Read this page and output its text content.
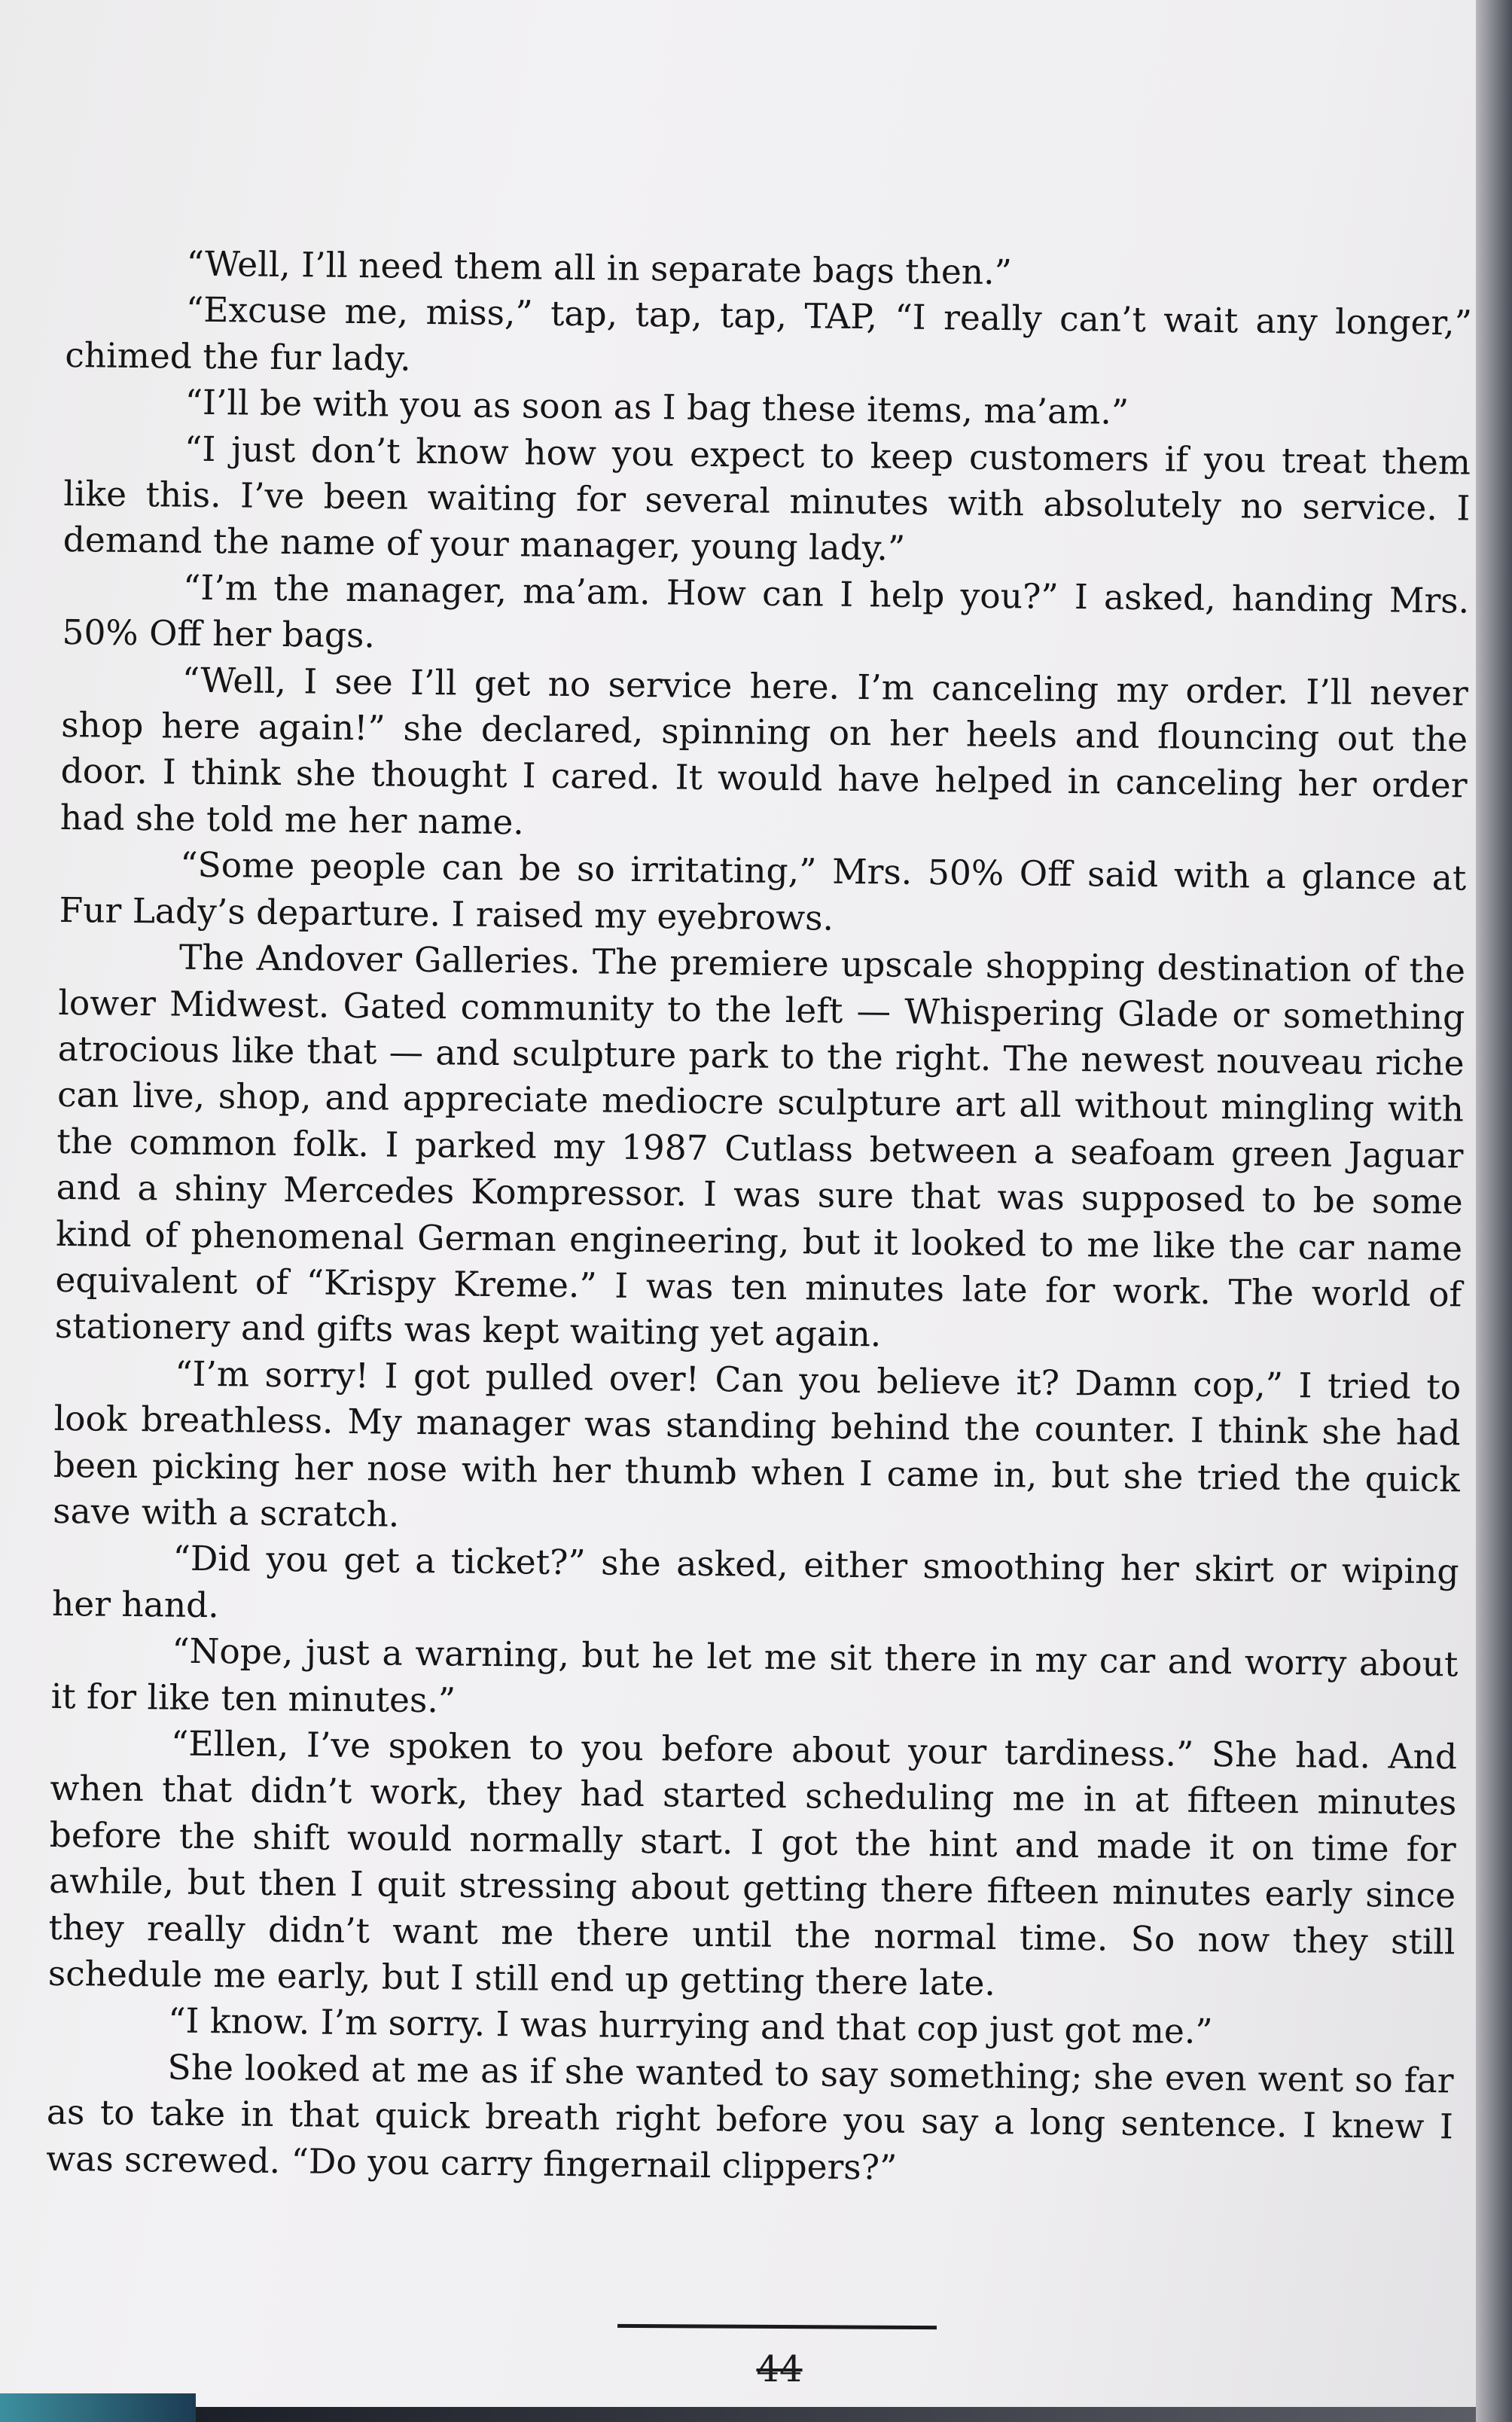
“Well, I’ll need them all in separate bags then.”

“Excuse me, miss,” tap, tap, tap, TAP, “I really can’t wait any longer,” chimed the fur lady.

“I’ll be with you as soon as I bag these items, ma’am.”

“I just don’t know how you expect to keep customers if you treat them like this. I’ve been waiting for several minutes with absolutely no service. I demand the name of your manager, young lady.”

“I’m the manager, ma’am. How can I help you?” I asked, handing Mrs. 50% Off her bags.

“Well, I see I’ll get no service here. I’m canceling my order. I’ll never shop here again!” she declared, spinning on her heels and flouncing out the door. I think she thought I cared. It would have helped in canceling her order had she told me her name.

“Some people can be so irritating,” Mrs. 50% Off said with a glance at Fur Lady’s departure. I raised my eyebrows.

The Andover Galleries. The premiere upscale shopping destination of the lower Midwest. Gated community to the left — Whispering Glade or something atrocious like that — and sculpture park to the right. The newest nouveau riche can live, shop, and appreciate mediocre sculpture art all without mingling with the common folk. I parked my 1987 Cutlass between a seafoam green Jaguar and a shiny Mercedes Kompressor. I was sure that was supposed to be some kind of phenomenal German engineering, but it looked to me like the car name equivalent of “Krispy Kreme.” I was ten minutes late for work. The world of stationery and gifts was kept waiting yet again.

“I’m sorry! I got pulled over! Can you believe it? Damn cop,” I tried to look breathless. My manager was standing behind the counter. I think she had been picking her nose with her thumb when I came in, but she tried the quick save with a scratch.

“Did you get a ticket?” she asked, either smoothing her skirt or wiping her hand.

“Nope, just a warning, but he let me sit there in my car and worry about it for like ten minutes.”

“Ellen, I’ve spoken to you before about your tardiness.” She had. And when that didn’t work, they had started scheduling me in at fifteen minutes before the shift would normally start. I got the hint and made it on time for awhile, but then I quit stressing about getting there fifteen minutes early since they really didn’t want me there until the normal time. So now they still schedule me early, but I still end up getting there late.

“I know. I’m sorry. I was hurrying and that cop just got me.”

She looked at me as if she wanted to say something; she even went so far as to take in that quick breath right before you say a long sentence. I knew I was screwed. “Do you carry fingernail clippers?”

44
